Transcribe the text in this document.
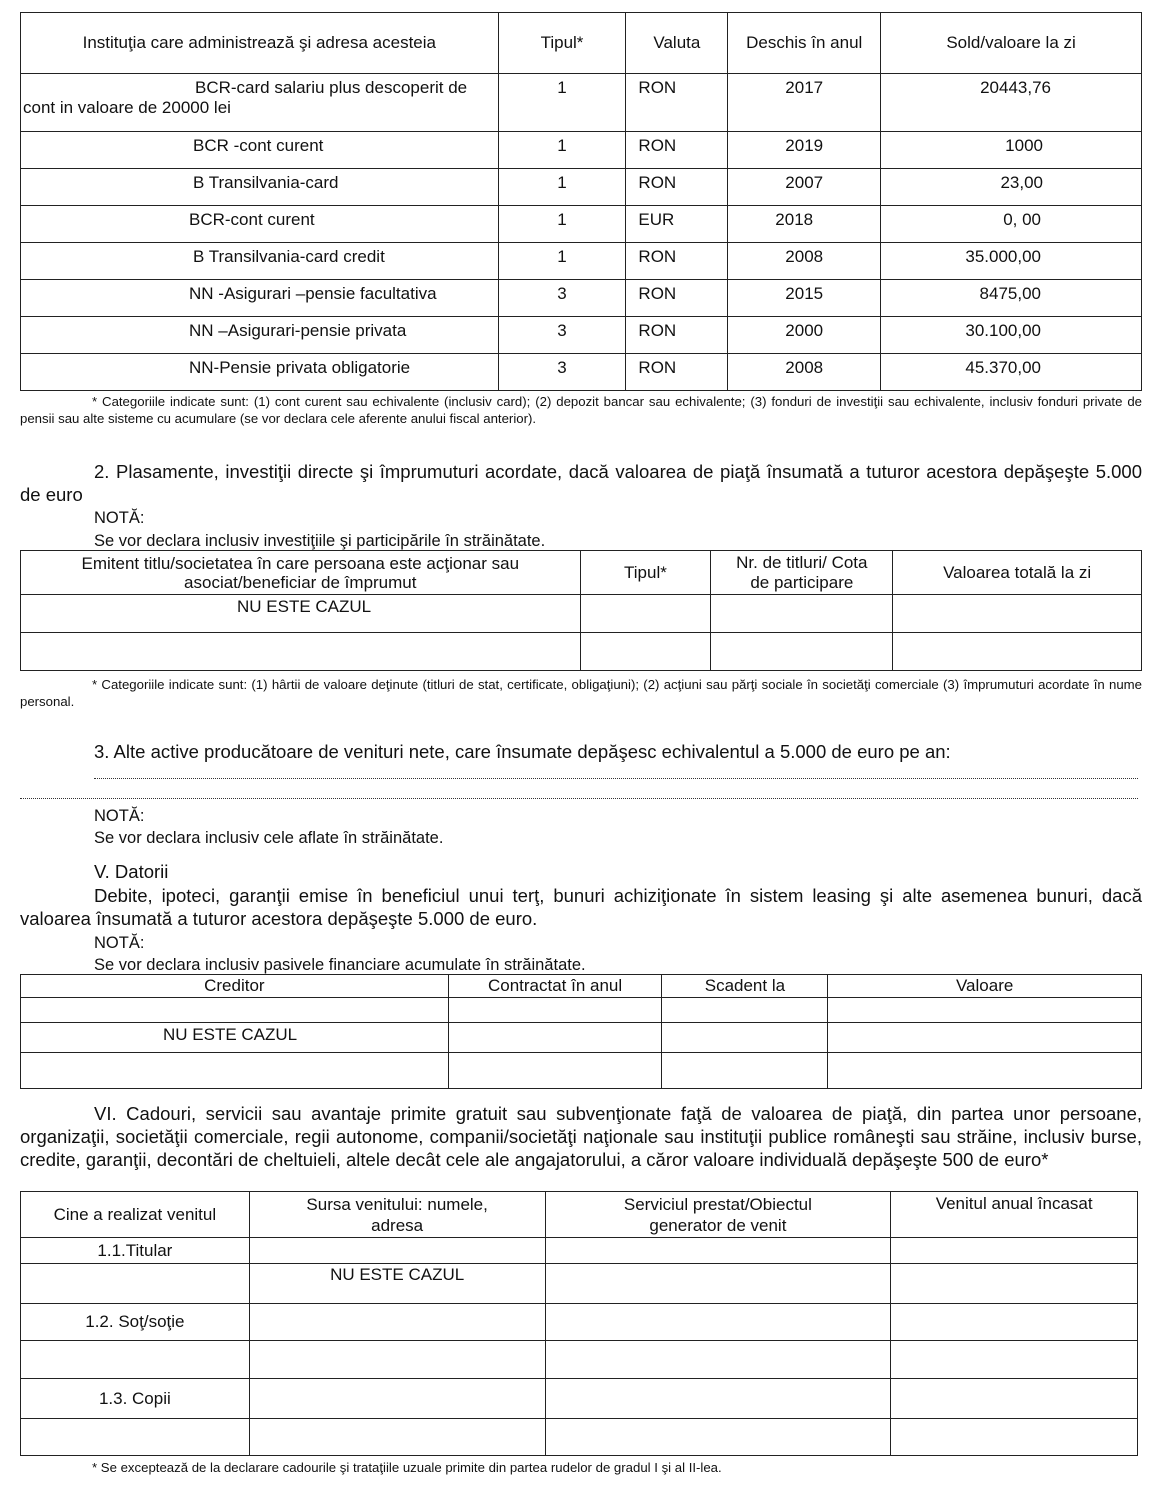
Instituţia care administrează şi adresa acesteia	Tipul*	Valuta	Deschis în anul	Sold/valoare la zi

BCR-card salariu plus descoperit de
cont in valoare de 20000 lei	1	RON	2017	20443,76
BCR -cont curent	1	RON	2019	1000
B Transilvania-card	1	RON	2007	23,00
BCR-cont curent	1	EUR	2018	0, 00
B Transilvania-card credit	1	RON	2008	35.000,00
NN -Asigurari –pensie facultativa	3	RON	2015	8475,00
NN –Asigurari-pensie privata	3	RON	2000	30.100,00
NN-Pensie privata obligatorie	3	RON	2008	45.370,00
* Categoriile indicate sunt: (1) cont curent sau echivalente (inclusiv card); (2) depozit bancar sau echivalente; (3) fonduri de investiţii sau echivalente, inclusiv fonduri private de pensii sau alte sisteme cu acumulare (se vor declara cele aferente anului fiscal anterior).
2. Plasamente, investiţii directe şi împrumuturi acordate, dacă valoarea de piaţă însumată a tuturor acestora depăşeşte 5.000 de euro
NOTĂ:
Se vor declara inclusiv investiţiile şi participările în străinătate.
Emitent titlu/societatea în care persoana este acţionar sau asociat/beneficiar de împrumut	Tipul*	Nr. de titluri/ Cota de participare	Valoarea totală la zi
NU ESTE CAZUL			

* Categoriile indicate sunt: (1) hârtii de valoare deţinute (titluri de stat, certificate, obligaţiuni); (2) acţiuni sau părţi sociale în societăţi comerciale (3) împrumuturi acordate în nume personal.
3. Alte active producătoare de venituri nete, care însumate depăşesc echivalentul a 5.000 de euro pe an:
NOTĂ:
Se vor declara inclusiv cele aflate în străinătate.
V. Datorii
Debite, ipoteci, garanţii emise în beneficiul unui terţ, bunuri achiziţionate în sistem leasing şi alte asemenea bunuri, dacă valoarea însumată a tuturor acestora depăşeşte 5.000 de euro.
NOTĂ:
Se vor declara inclusiv pasivele financiare acumulate în străinătate.
Creditor	Contractat în anul	Scadent la	Valoare

NU ESTE CAZUL			

VI. Cadouri, servicii sau avantaje primite gratuit sau subvenţionate faţă de valoarea de piaţă, din partea unor persoane, organizaţii, societăţii comerciale, regii autonome, companii/societăţi naţionale sau instituţii publice româneşti sau străine, inclusiv burse, credite, garanţii, decontări de cheltuieli, altele decât cele ale angajatorului, a căror valoare individuală depăşeşte 500 de euro*
Cine a realizat venitul	Sursa venitului: numele, adresa	Serviciul prestat/Obiectul generator de venit	Venitul anual încasat
1.1.Titular			
	NU ESTE CAZUL		
1.2. Soţ/soţie			

1.3. Copii			

* Se exceptează de la declarare cadourile şi trataţiile uzuale primite din partea rudelor de gradul I şi al II-lea.
